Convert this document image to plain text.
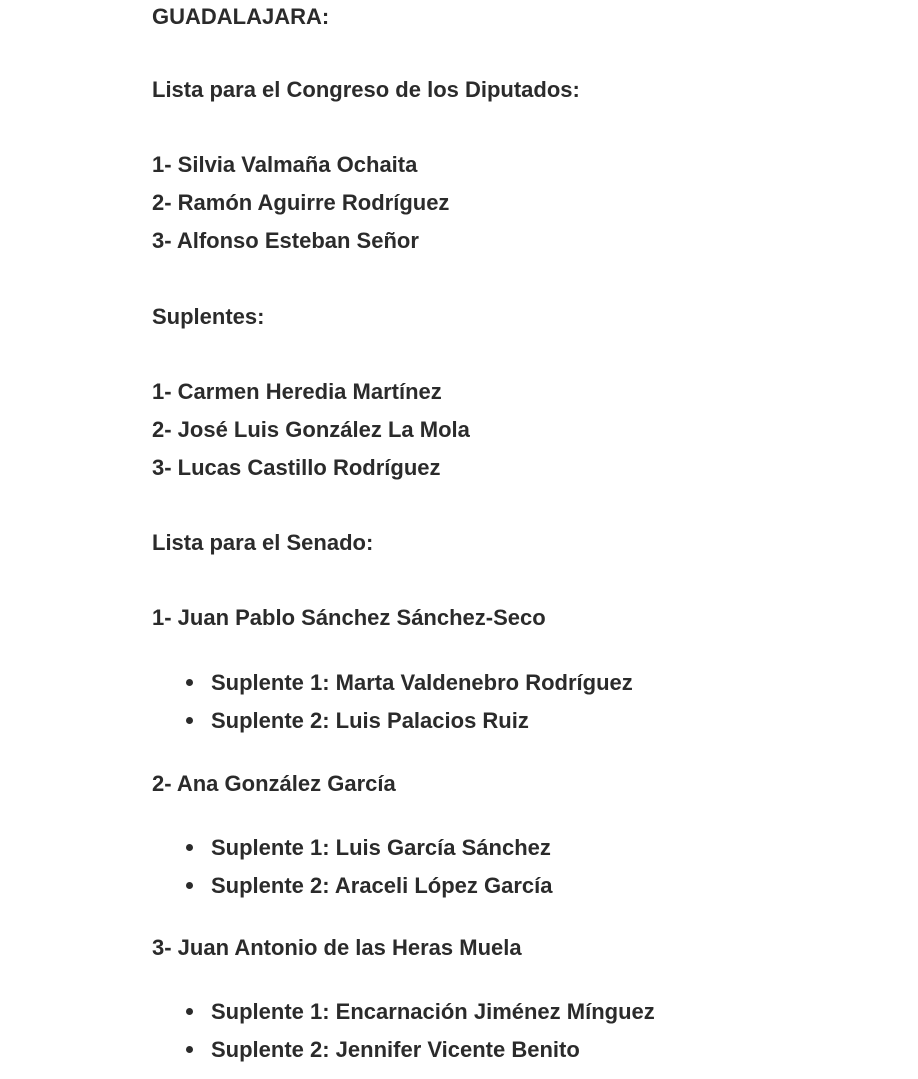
GUADALAJARA:
Lista para el Congreso de los Diputados:
1- Silvia Valmaña Ochaita
2- Ramón Aguirre Rodríguez
3- Alfonso Esteban Señor
Suplentes:
1- Carmen Heredia Martínez
2- José Luis González La Mola
3- Lucas Castillo Rodríguez
Lista para el Senado:
1- Juan Pablo Sánchez Sánchez-Seco
Suplente 1: Marta Valdenebro Rodríguez
Suplente 2: Luis Palacios Ruiz
2- Ana González García
Suplente 1: Luis García Sánchez
Suplente 2: Araceli López García
3- Juan Antonio de las Heras Muela
Suplente 1: Encarnación Jiménez Mínguez
Suplente 2: Jennifer Vicente Benito
